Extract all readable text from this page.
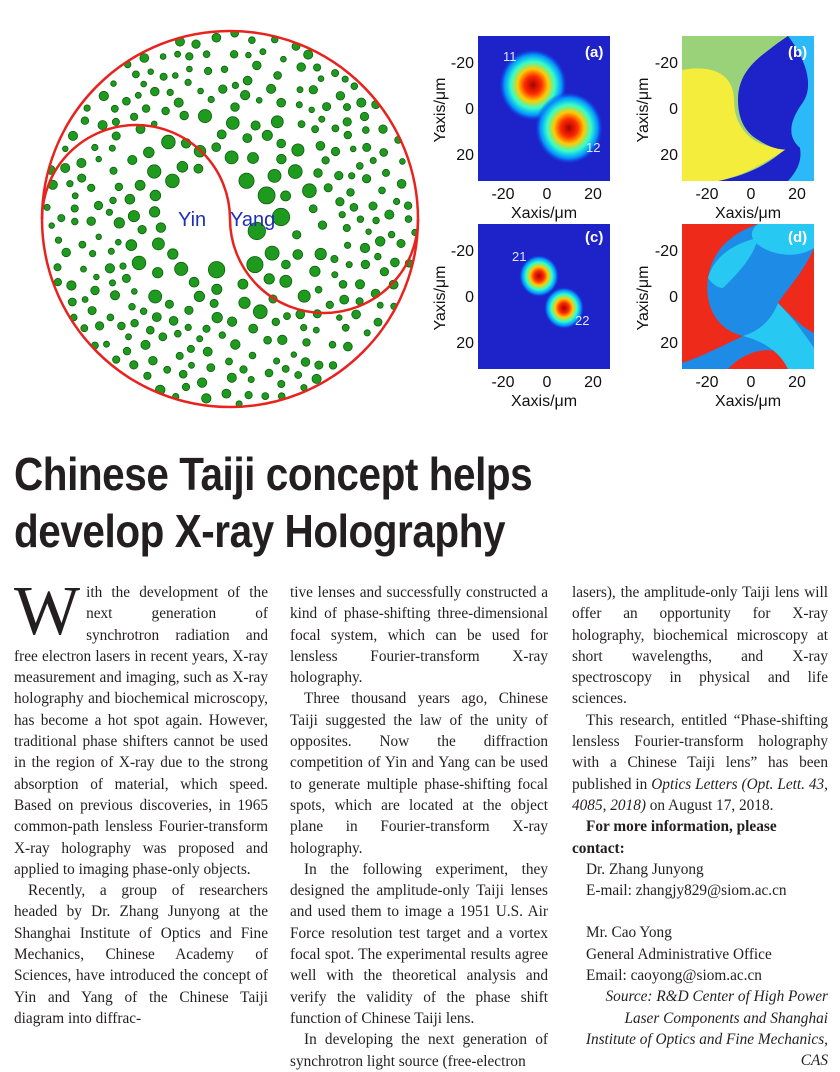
Yin Yang
11
12
(a)
-20
0
20
-20 0 20
Xaxis/μm
Yaxis/μm
(b)
-20
0
20
-20 0 20
Xaxis/μm
Yaxis/μm
21
22
(c)
-20
0
20
-20 0 20
Xaxis/μm
Yaxis/μm
(d)
-20
0
20
-20 0 20
Xaxis/μm
Yaxis/μm
Chinese Taiji concept helps
develop X-ray Holography

With the development of the next generation of synchrotron radiation and free electron lasers in recent years, X-ray measurement and imaging, such as X-ray holography and biochemical microscopy, has become a hot spot again. However, traditional phase shifters cannot be used in the region of X-ray due to the strong absorption of material, which speed. Based on previous discoveries, in 1965 common-path lensless Fourier-transform X-ray holography was proposed and applied to imaging phase-only objects.

Recently, a group of researchers headed by Dr. Zhang Junyong at the Shanghai Institute of Optics and Fine Mechanics, Chinese Academy of Sciences, have introduced the concept of Yin and Yang of the Chinese Taiji diagram into diffrac-

tive lenses and successfully constructed a kind of phase-shifting three-dimensional focal system, which can be used for lensless Fourier-transform X-ray holography.

Three thousand years ago, Chinese Taiji suggested the law of the unity of opposites. Now the diffraction competition of Yin and Yang can be used to generate multiple phase-shifting focal spots, which are located at the object plane in Fourier-transform X-ray holography.

In the following experiment, they designed the amplitude-only Taiji lenses and used them to image a 1951 U.S. Air Force resolution test target and a vortex focal spot. The experimental results agree well with the theoretical analysis and verify the validity of the phase shift function of Chinese Taiji lens.

In developing the next generation of synchrotron light source (free-electron

lasers), the amplitude-only Taiji lens will offer an opportunity for X-ray holography, biochemical microscopy at short wavelengths, and X-ray spectroscopy in physical and life sciences.

This research, entitled “Phase-shifting lensless Fourier-transform holography with a Chinese Taiji lens” has been published in Optics Letters (Opt. Lett. 43, 4085, 2018) on August 17, 2018.

For more information, please contact:

Dr. Zhang Junyong

E-mail: zhangjy829@siom.ac.cn

Mr. Cao Yong

General Administrative Office

Email: caoyong@siom.ac.cn

Source: R&D Center of High Power Laser Components and Shanghai Institute of Optics and Fine Mechanics, CAS
